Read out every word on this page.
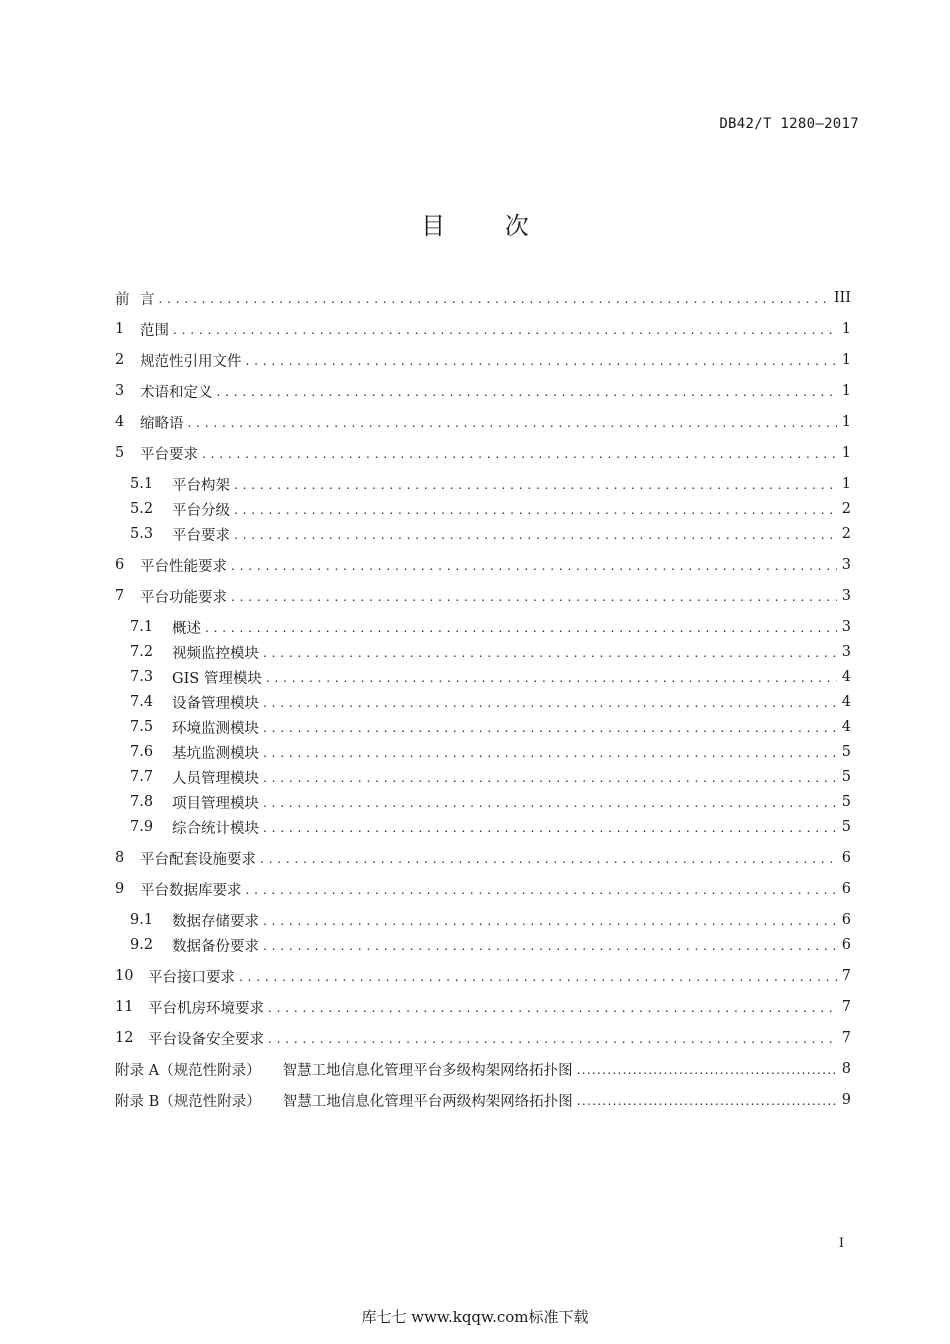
DB42/T 1280—2017
目 次
前 言 . . .	III
1	范围 . . .	1
2	规范性引用文件 . . .	1
3	术语和定义 . . .	1
4	缩略语 . . .	1
5	平台要求 . . .	1
5.1	平台构架 . . .	1
5.2	平台分级 . . .	2
5.3	平台要求 . . .	2
6	平台性能要求 . . .	3
7	平台功能要求 . . .	3
7.1	概述 . . .	3
7.2	视频监控模块 . . .	3
7.3	GIS 管理模块 . . .	4
7.4	设备管理模块 . . .	4
7.5	环境监测模块 . . .	4
7.6	基坑监测模块 . . .	5
7.7	人员管理模块 . . .	5
7.8	项目管理模块 . . .	5
7.9	综合统计模块 . . .	5
8	平台配套设施要求 . . .	6
9	平台数据库要求 . . .	6
9.1	数据存储要求 . . .	6
9.2	数据备份要求 . . .	6
10	平台接口要求 . . .	7
11	平台机房环境要求 . . .	7
12	平台设备安全要求 . . .	7
附录 A（规范性附录） 智慧工地信息化管理平台多级构架网络拓扑图 .....	8
附录 B（规范性附录） 智慧工地信息化管理平台两级构架网络拓扑图 .....	9
I
库七七 www.kqqw.com标准下载
